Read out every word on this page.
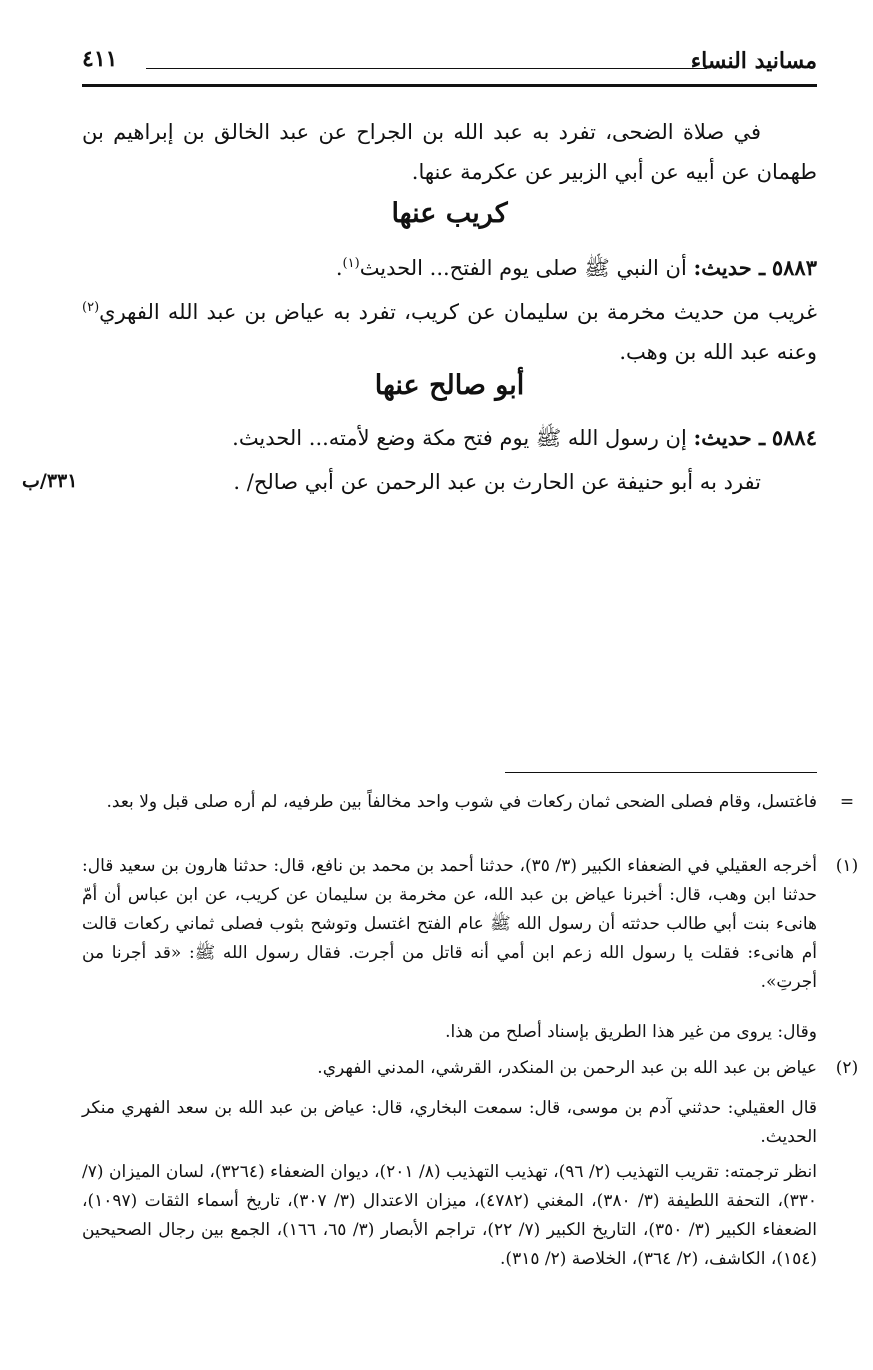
مسانيد النساء
٤١١

في صلاة الضحى، تفرد به عبد الله بن الجراح عن عبد الخالق بن إبراهيم بن طهمان عن أبيه عن أبي الزبير عن عكرمة عنها.

كريب عنها

٥٨٨٣ ـ حديث: أن النبي ﷺ صلى يوم الفتح... الحديث$^{(١)}$.

غريب من حديث مخرمة بن سليمان عن كريب، تفرد به عياض بن عبد الله الفهري$^{(٢)}$ وعنه عبد الله بن وهب.

أبو صالح عنها

٥٨٨٤ ـ حديث: إن رسول الله ﷺ يوم فتح مكة وضع لأمته... الحديث.

تفرد به أبو حنيفة عن الحارث بن عبد الرحمن عن أبي صالح/ .

٣٣١/ب
=
فاغتسل، وقام فصلى الضحى ثمان ركعات في شوب واحد مخالفاً بين طرفيه، لم أره صلى قبل ولا بعد.
(١)
أخرجه العقيلي في الضعفاء الكبير (٣/ ٣٥)، حدثنا أحمد بن محمد بن نافع، قال: حدثنا هارون بن سعيد قال: حدثنا ابن وهب، قال: أخبرنا عياض بن عبد الله، عن مخرمة بن سليمان عن كريب، عن ابن عباس أن أمّ هانىء بنت أبي طالب حدثته أن رسول الله ﷺ عام الفتح اغتسل وتوشح بثوب فصلى ثماني ركعات قالت أم هانىء: فقلت يا رسول الله زعم ابن أمي أنه قاتل من أجرت. فقال رسول الله ﷺ: «قد أجرنا من أجرتِ».
وقال: يروى من غير هذا الطريق بإسناد أصلح من هذا.
(٢)
عياض بن عبد الله بن عبد الرحمن بن المنكدر، القرشي، المدني الفهري.
قال العقيلي: حدثني آدم بن موسى، قال: سمعت البخاري، قال: عياض بن عبد الله بن سعد الفهري منكر الحديث.
انظر ترجمته: تقريب التهذيب (٢/ ٩٦)، تهذيب التهذيب (٨/ ٢٠١)، ديوان الضعفاء (٣٢٦٤)، لسان الميزان (٧/ ٣٣٠)، التحفة اللطيفة (٣/ ٣٨٠)، المغني (٤٧٨٢)، ميزان الاعتدال (٣/ ٣٠٧)، تاريخ أسماء الثقات (١٠٩٧)، الضعفاء الكبير (٣/ ٣٥٠)، التاريخ الكبير (٧/ ٢٢)، تراجم الأبصار (٣/ ٦٥، ١٦٦)، الجمع بين رجال الصحيحين (١٥٤)، الكاشف، (٢/ ٣٦٤)، الخلاصة (٢/ ٣١٥).
